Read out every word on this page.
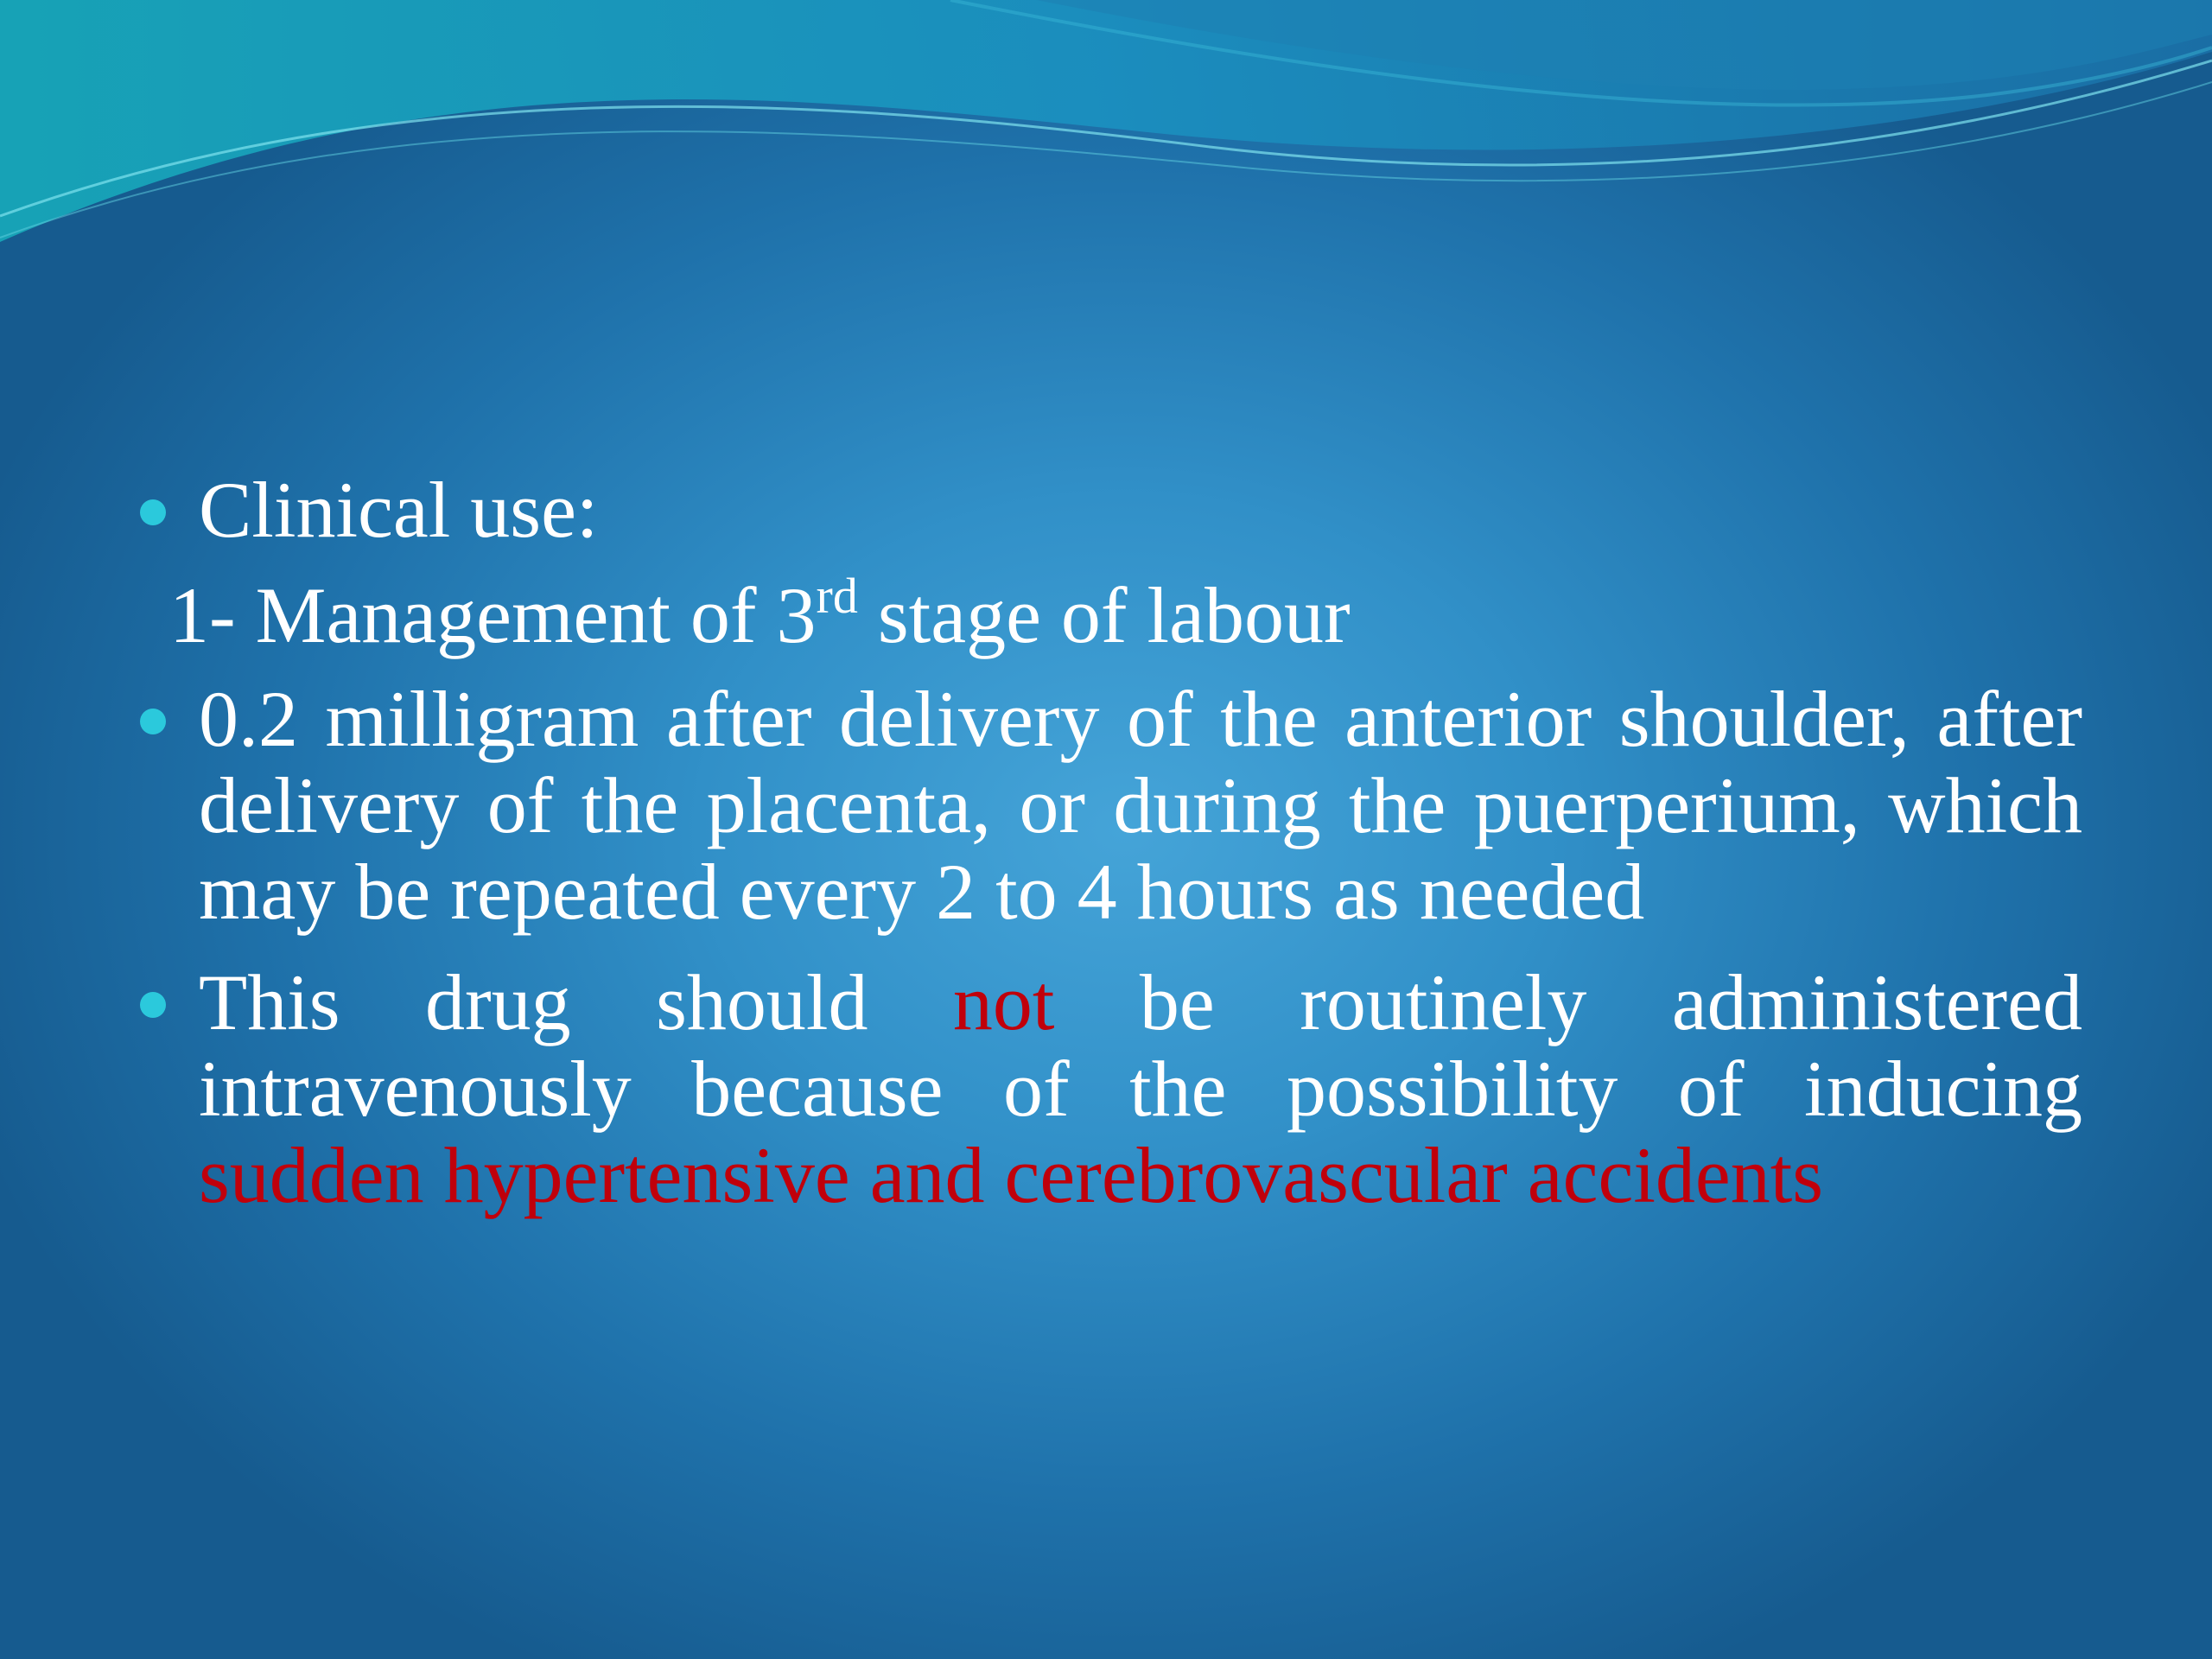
Clinical use:

1- Management of 3rd stage of labour

0.2 milligram after delivery of the anterior shoulder, after delivery of the placenta, or during the puerperium, which may be repeated every 2 to 4 hours as needed

This drug should not be routinely administered intravenously because of the possibility of inducing sudden hypertensive and cerebrovascular accidents
